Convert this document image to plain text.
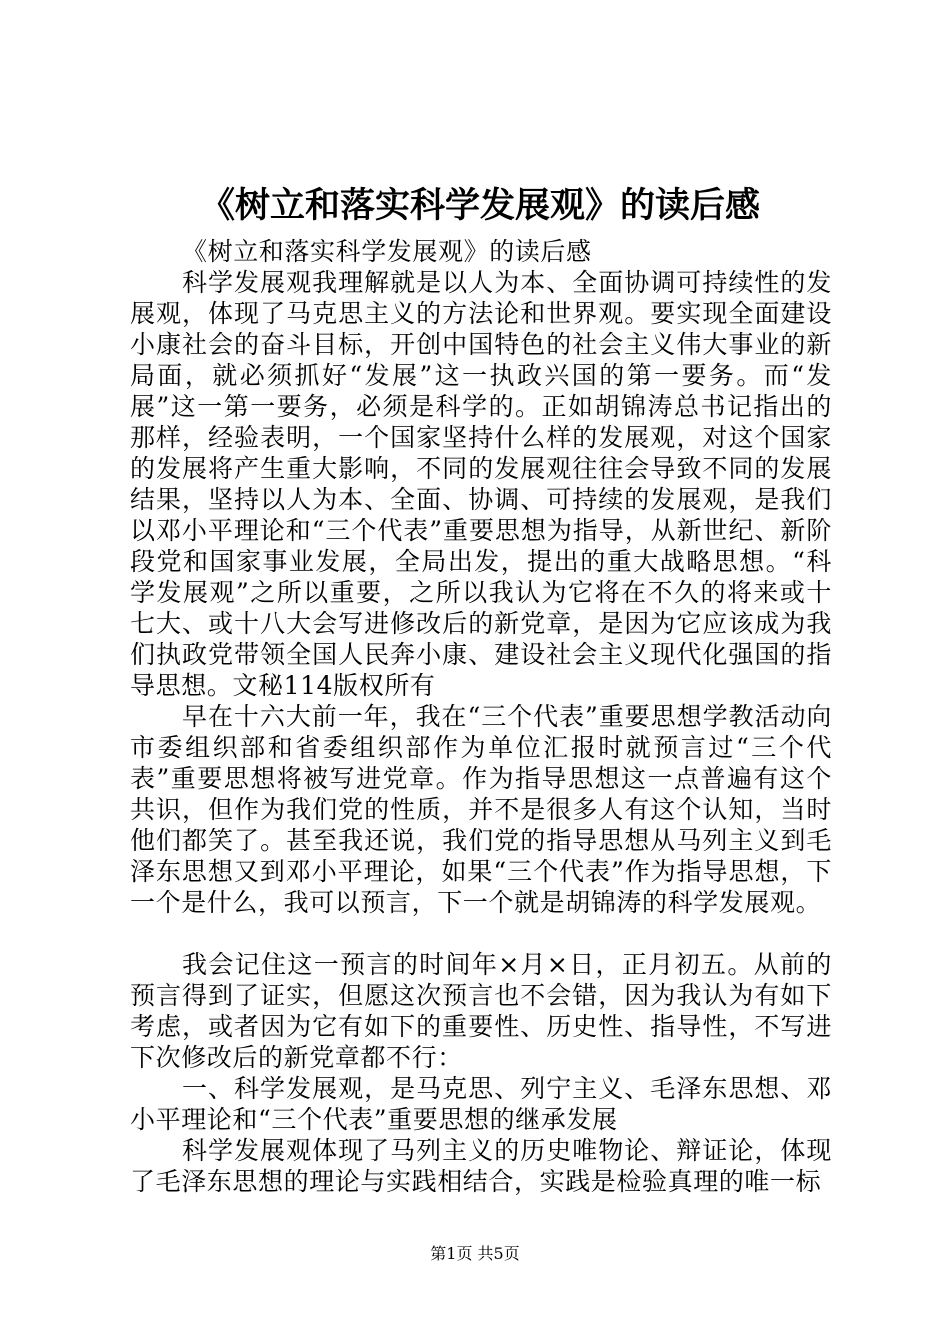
《树立和落实科学发展观》的读后感

《树立和落实科学发展观》的读后感

科学发展观我理解就是以人为本、全面协调可持续性的发展观，体现了马克思主义的方法论和世界观。要实现全面建设小康社会的奋斗目标，开创中国特色的社会主义伟大事业的新局面，就必须抓好“发展”这一执政兴国的第一要务。而“发展”这一第一要务，必须是科学的。正如胡锦涛总书记指出的那样，经验表明，一个国家坚持什么样的发展观，对这个国家的发展将产生重大影响，不同的发展观往往会导致不同的发展结果，坚持以人为本、全面、协调、可持续的发展观，是我们以邓小平理论和“三个代表”重要思想为指导，从新世纪、新阶段党和国家事业发展，全局出发，提出的重大战略思想。“科学发展观”之所以重要，之所以我认为它将在不久的将来或十七大、或十八大会写进修改后的新党章，是因为它应该成为我们执政党带领全国人民奔小康、建设社会主义现代化强国的指导思想。文秘114版权所有

早在十六大前一年，我在“三个代表”重要思想学教活动向市委组织部和省委组织部作为单位汇报时就预言过“三个代表”重要思想将被写进党章。作为指导思想这一点普遍有这个共识，但作为我们党的性质，并不是很多人有这个认知，当时他们都笑了。甚至我还说，我们党的指导思想从马列主义到毛泽东思想又到邓小平理论，如果“三个代表”作为指导思想，下一个是什么，我可以预言，下一个就是胡锦涛的科学发展观。

我会记住这一预言的时间年×月×日，正月初五。从前的预言得到了证实，但愿这次预言也不会错，因为我认为有如下考虑，或者因为它有如下的重要性、历史性、指导性，不写进下次修改后的新党章都不行：

一、科学发展观，是马克思、列宁主义、毛泽东思想、邓小平理论和“三个代表”重要思想的继承发展

科学发展观体现了马列主义的历史唯物论、辩证论，体现了毛泽东思想的理论与实践相结合，实践是检验真理的唯一标

第1页 共5页
